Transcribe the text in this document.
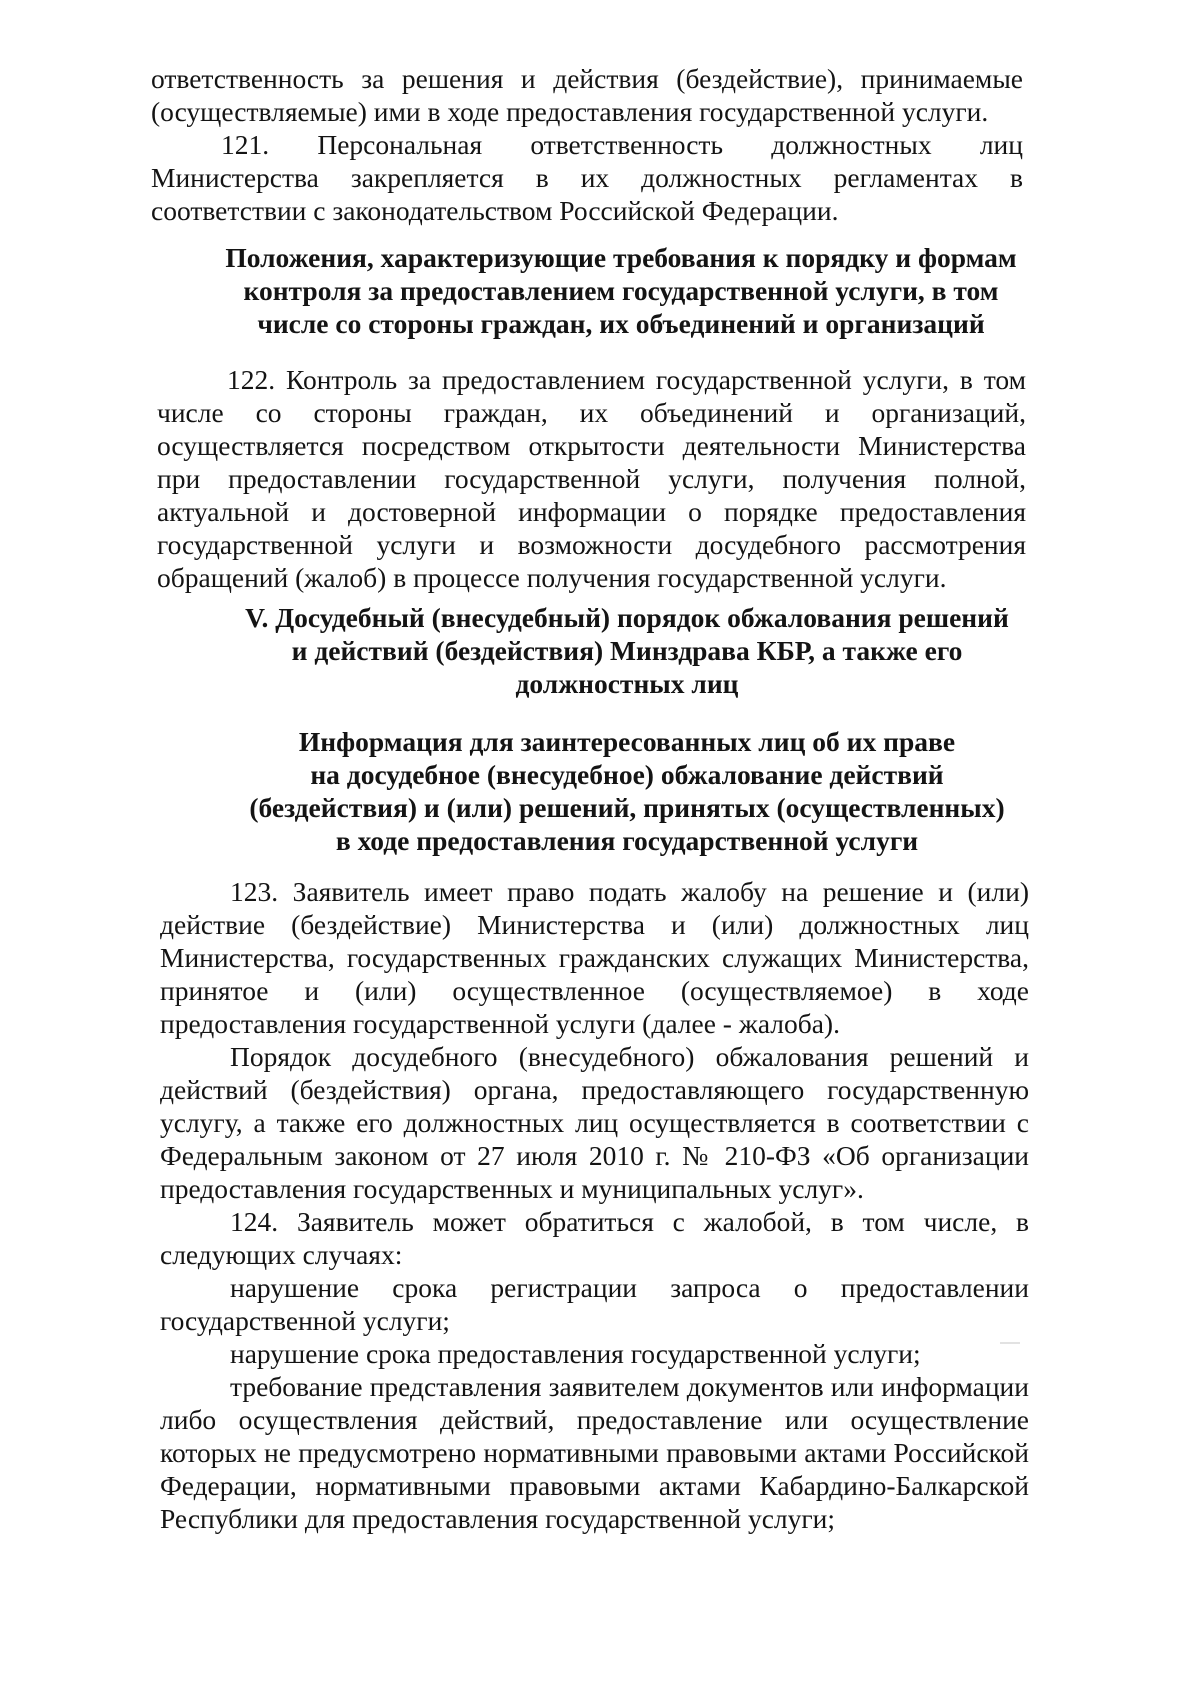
ответственность за решения и действия (бездействие), принимаемые (осуществляемые) ими в ходе предоставления государственной услуги.

121. Персональная ответственность должностных лиц Министерства закрепляется в их должностных регламентах в соответствии с законодательством Российской Федерации.

Положения, характеризующие требования к порядку и формам
контроля за предоставлением государственной услуги, в том
числе со стороны граждан, их объединений и организаций

122. Контроль за предоставлением государственной услуги, в том числе со стороны граждан, их объединений и организаций, осуществляется посредством открытости деятельности Министерства при предоставлении государственной услуги, получения полной, актуальной и достоверной информации о порядке предоставления государственной услуги и возможности досудебного рассмотрения обращений (жалоб) в процессе получения государственной услуги.

V. Досудебный (внесудебный) порядок обжалования решений
и действий (бездействия) Минздрава КБР, а также его
должностных лиц
Информация для заинтересованных лиц об их праве
на досудебное (внесудебное) обжалование действий
(бездействия) и (или) решений, принятых (осуществленных)
в ходе предоставления государственной услуги

123. Заявитель имеет право подать жалобу на решение и (или) действие (бездействие) Министерства и (или) должностных лиц Министерства, государственных гражданских служащих Министерства, принятое и (или) осуществленное (осуществляемое) в ходе предоставления государственной услуги (далее - жалоба).

Порядок досудебного (внесудебного) обжалования решений и действий (бездействия) органа, предоставляющего государственную услугу, а также его должностных лиц осуществляется в соответствии с Федеральным законом от 27 июля 2010 г. № 210-ФЗ «Об организации предоставления государственных и муниципальных услуг».

124. Заявитель может обратиться с жалобой, в том числе, в следующих случаях:

нарушение срока регистрации запроса о предоставлении государственной услуги;

нарушение срока предоставления государственной услуги;

требование представления заявителем документов или информации либо осуществления действий, предоставление или осуществление которых не предусмотрено нормативными правовыми актами Российской Федерации, нормативными правовыми актами Кабардино-Балкарской Республики для предоставления государственной услуги;
